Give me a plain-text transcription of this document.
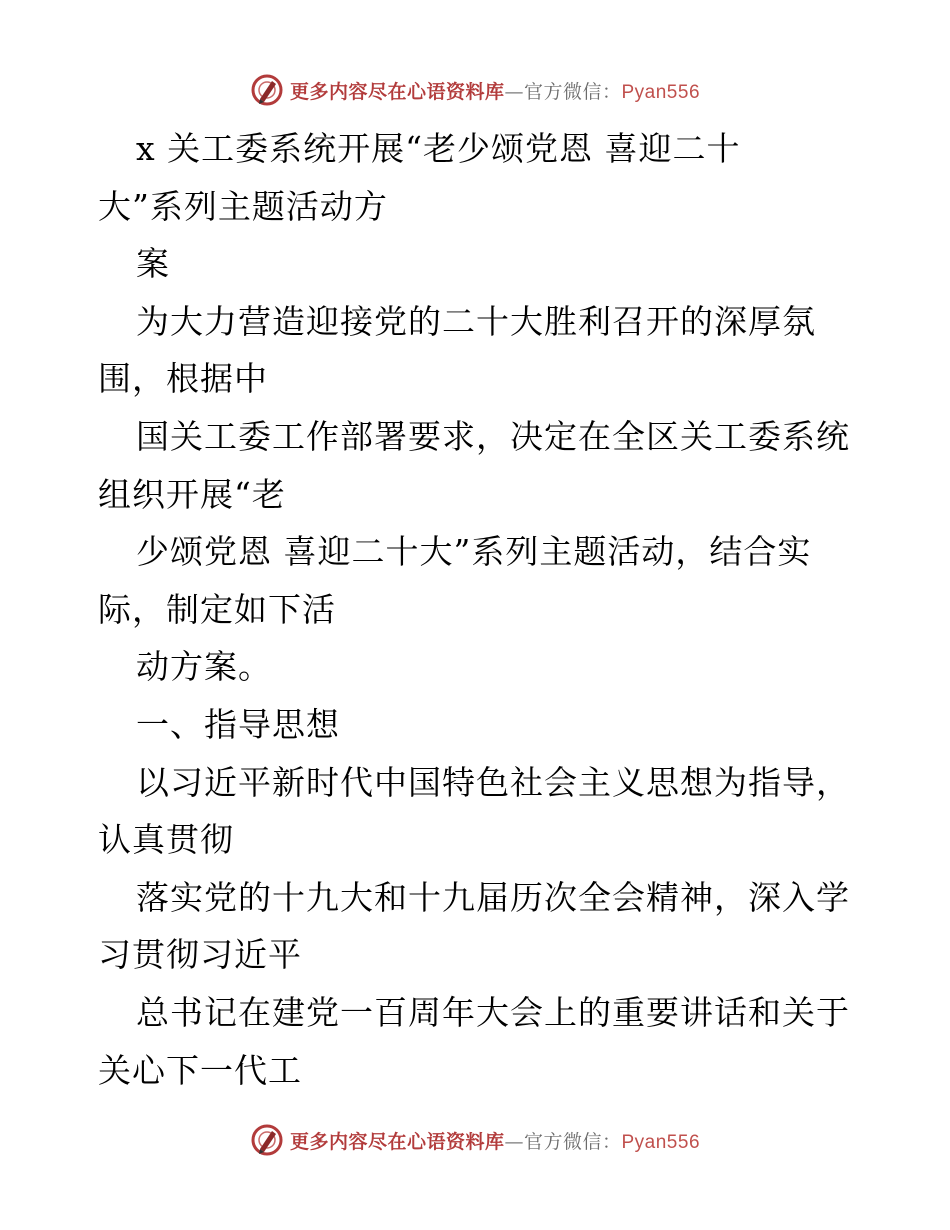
更多内容尽在心语资料库—官方微信：Pyan556
x 关工委系统开展“老少颂党恩 喜迎二十
大”系列主题活动方
案
为大力营造迎接党的二十大胜利召开的深厚氛
围，根据中
国关工委工作部署要求，决定在全区关工委系统
组织开展“老
少颂党恩 喜迎二十大”系列主题活动，结合实
际，制定如下活
动方案。
一、指导思想
以习近平新时代中国特色社会主义思想为指导，
认真贯彻
落实党的十九大和十九届历次全会精神，深入学
习贯彻习近平
总书记在建党一百周年大会上的重要讲话和关于
关心下一代工
更多内容尽在心语资料库—官方微信：Pyan556
